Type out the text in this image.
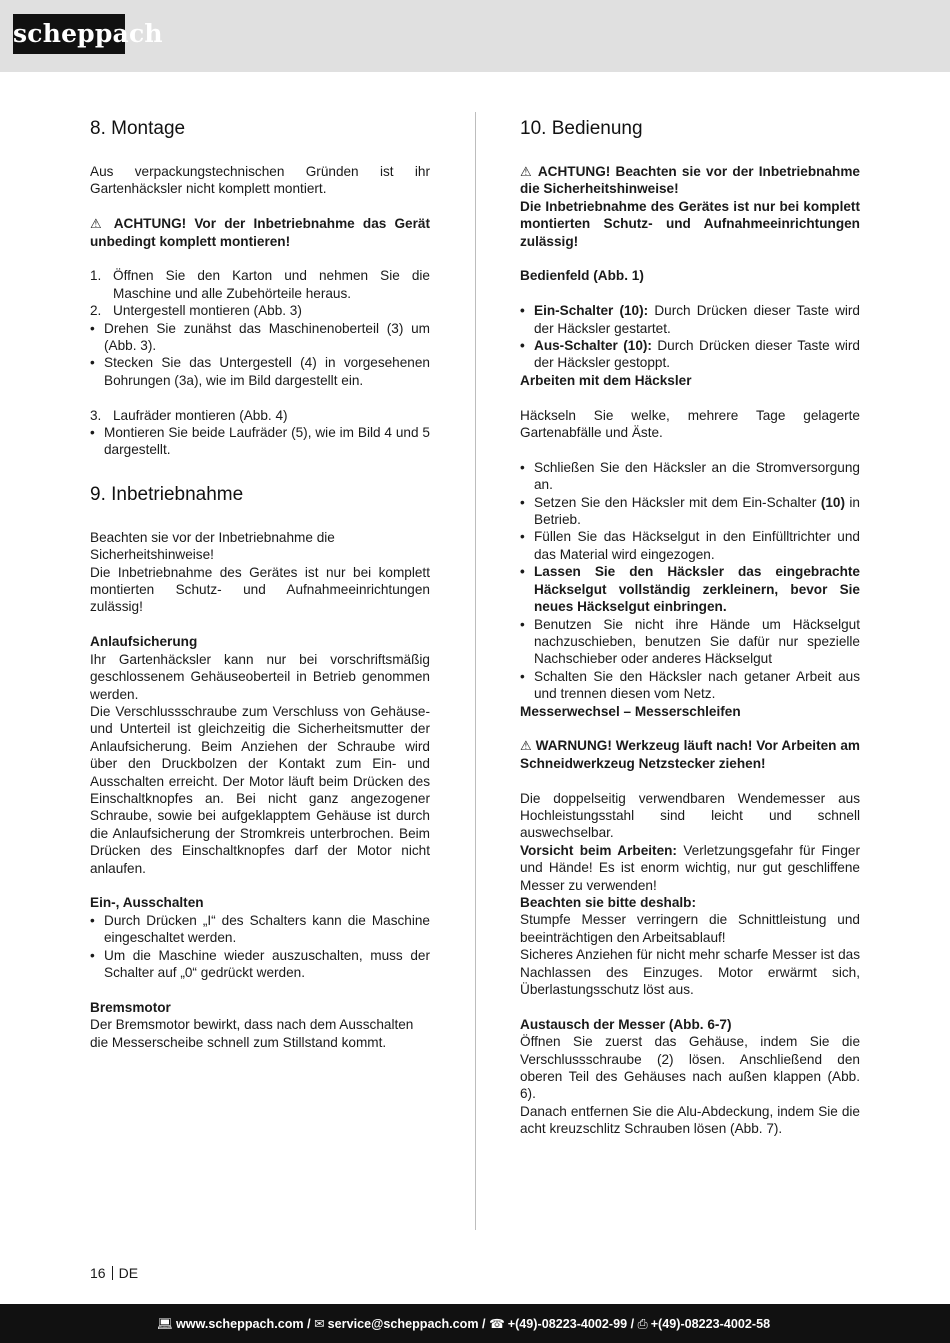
scheppach
8. Montage

Aus verpackungstechnischen Gründen ist ihr Gartenhäcksler nicht komplett montiert.

⚠ ACHTUNG! Vor der Inbetriebnahme das Gerät unbedingt komplett montieren!

1. Öffnen Sie den Karton und nehmen Sie die Maschine und alle Zubehörteile heraus.
2. Untergestell montieren (Abb. 3)
• Drehen Sie zunähst das Maschinenoberteil (3) um (Abb. 3).
• Stecken Sie das Untergestell (4) in vorgesehenen Bohrungen (3a), wie im Bild dargestellt ein.
3. Laufräder montieren (Abb. 4)
• Montieren Sie beide Laufräder (5), wie im Bild 4 und 5 dargestellt.
9. Inbetriebnahme
Beachten sie vor der Inbetriebnahme die Sicherheitshinweise!
Die Inbetriebnahme des Gerätes ist nur bei komplett montierten Schutz- und Aufnahmeeinrichtungen zulässig!
Anlaufsicherung
Ihr Gartenhäcksler kann nur bei vorschriftsmäßig geschlossenem Gehäuseoberteil in Betrieb genommen werden.
Die Verschlussschraube zum Verschluss von Gehäuse- und Unterteil ist gleichzeitig die Sicherheitsmutter der Anlaufsicherung. Beim Anziehen der Schraube wird über den Druckbolzen der Kontakt zum Ein- und Ausschalten erreicht. Der Motor läuft beim Drücken des Einschaltknopfes an. Bei nicht ganz angezogener Schraube, sowie bei aufgeklapptem Gehäuse ist durch die Anlaufsicherung der Stromkreis unterbrochen. Beim Drücken des Einschaltknopfes darf der Motor nicht anlaufen.
Ein-, Ausschalten
• Durch Drücken „I“ des Schalters kann die Maschine eingeschaltet werden.
• Um die Maschine wieder auszuschalten, muss der Schalter auf „0“ gedrückt werden.
Bremsmotor
Der Bremsmotor bewirkt, dass nach dem Ausschalten die Messerscheibe schnell zum Stillstand kommt.
10. Bedienung
⚠ ACHTUNG! Beachten sie vor der Inbetriebnahme die Sicherheitshinweise!
Die Inbetriebnahme des Gerätes ist nur bei komplett montierten Schutz- und Aufnahmeeinrichtungen zulässig!

Bedienfeld (Abb. 1)

• Ein-Schalter (10): Durch Drücken dieser Taste wird der Häcksler gestartet.
• Aus-Schalter (10): Durch Drücken dieser Taste wird der Häcksler gestoppt.

Arbeiten mit dem Häcksler

Häckseln Sie welke, mehrere Tage gelagerte Gartenabfälle und Äste.

• Schließen Sie den Häcksler an die Stromversorgung an.
• Setzen Sie den Häcksler mit dem Ein-Schalter (10) in Betrieb.
• Füllen Sie das Häckselgut in den Einfülltrichter und das Material wird eingezogen.
• Lassen Sie den Häcksler das eingebrachte Häckselgut vollständig zerkleinern, bevor Sie neues Häckselgut einbringen.
• Benutzen Sie nicht ihre Hände um Häckselgut nachzuschieben, benutzen Sie dafür nur spezielle Nachschieber oder anderes Häckselgut
• Schalten Sie den Häcksler nach getaner Arbeit aus und trennen diesen vom Netz.

Messerwechsel – Messerschleifen

⚠ WARNUNG! Werkzeug läuft nach! Vor Arbeiten am Schneidwerkzeug Netzstecker ziehen!

Die doppelseitig verwendbaren Wendemesser aus Hochleistungsstahl sind leicht und schnell auswechselbar.
Vorsicht beim Arbeiten: Verletzungsgefahr für Finger und Hände! Es ist enorm wichtig, nur gut geschliffene Messer zu verwenden!
Beachten sie bitte deshalb:
Stumpfe Messer verringern die Schnittleistung und beeinträchtigen den Arbeitsablauf!
Sicheres Anziehen für nicht mehr scharfe Messer ist das Nachlassen des Einzuges. Motor erwärmt sich, Überlastungsschutz löst aus.
Austausch der Messer (Abb. 6-7)
Öffnen Sie zuerst das Gehäuse, indem Sie die Verschlussschraube (2) lösen. Anschließend den oberen Teil des Gehäuses nach außen klappen (Abb. 6).
Danach entfernen Sie die Alu-Abdeckung, indem Sie die acht kreuzschlitz Schrauben lösen (Abb. 7).
16 DE
💻︎ www.scheppach.com / ✉ service@scheppach.com / ☎ +(49)-08223-4002-99 / ⎙ +(49)-08223-4002-58
